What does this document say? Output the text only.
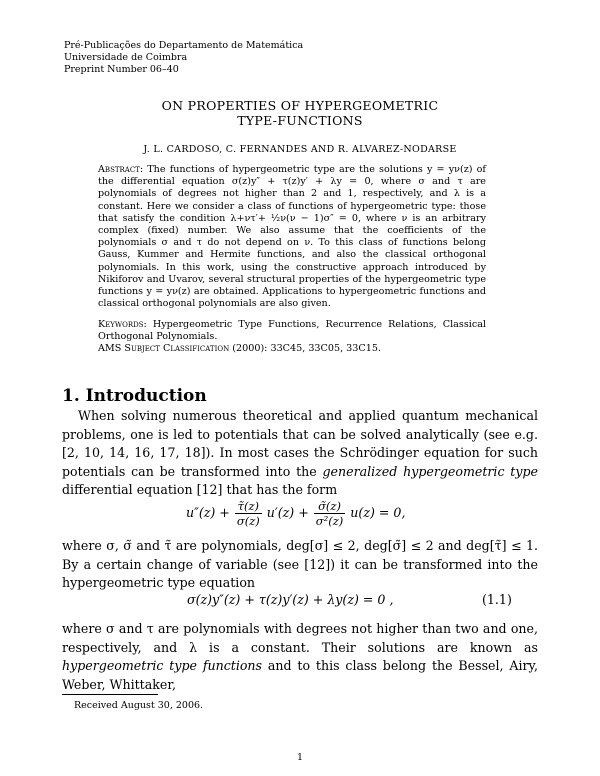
Pré-Publicações do Departamento de Matemática
Universidade de Coimbra
Preprint Number 06–40
ON PROPERTIES OF HYPERGEOMETRIC
TYPE-FUNCTIONS
J. L. CARDOSO, C. FERNANDES AND R. ALVAREZ-NODARSE
Abstract: The functions of hypergeometric type are the solutions y = yν(z) of the differential equation σ(z)y″ + τ(z)y′ + λy = 0, where σ and τ are polynomials of degrees not higher than 2 and 1, respectively, and λ is a constant. Here we consider a class of functions of hypergeometric type: those that satisfy the condition λ+ντ′+ ½ν(ν − 1)σ″ = 0, where ν is an arbitrary complex (fixed) number. We also assume that the coefficients of the polynomials σ and τ do not depend on ν. To this class of functions belong Gauss, Kummer and Hermite functions, and also the classical orthogonal polynomials. In this work, using the constructive approach introduced by Nikiforov and Uvarov, several structural properties of the hypergeometric type functions y = yν(z) are obtained. Applications to hypergeometric functions and classical orthogonal polynomials are also given.
Keywords: Hypergeometric Type Functions, Recurrence Relations, Classical Orthogonal Polynomials.
AMS Subject Classification (2000): 33C45, 33C05, 33C15.
1. Introduction
When solving numerous theoretical and applied quantum mechanical problems, one is led to potentials that can be solved analytically (see e.g. [2, 10, 14, 16, 17, 18]). In most cases the Schrödinger equation for such potentials can be transformed into the generalized hypergeometric type differential equation [12] that has the form
$u''(z) + \frac{\taũ(z)}{\sigma(z)} u'(z) + \frac{\sigmã(z)}{\text{σ²(z)}} u(z) = 0$,
where σ, σ̃ and τ̃ are polynomials, deg[σ] ≤ 2, deg[σ̃] ≤ 2 and deg[τ̃] ≤ 1. By a certain change of variable (see [12]) it can be transformed into the hypergeometric type equation
σ(z)y″(z) + τ(z)y′(z) + λy(z) = 0 ,	(1.1)
where σ and τ are polynomials with degrees not higher than two and one, respectively, and λ is a constant. Their solutions are known as hypergeometric type functions and to this class belong the Bessel, Airy, Weber, Whittaker,
Received August 30, 2006.
1
